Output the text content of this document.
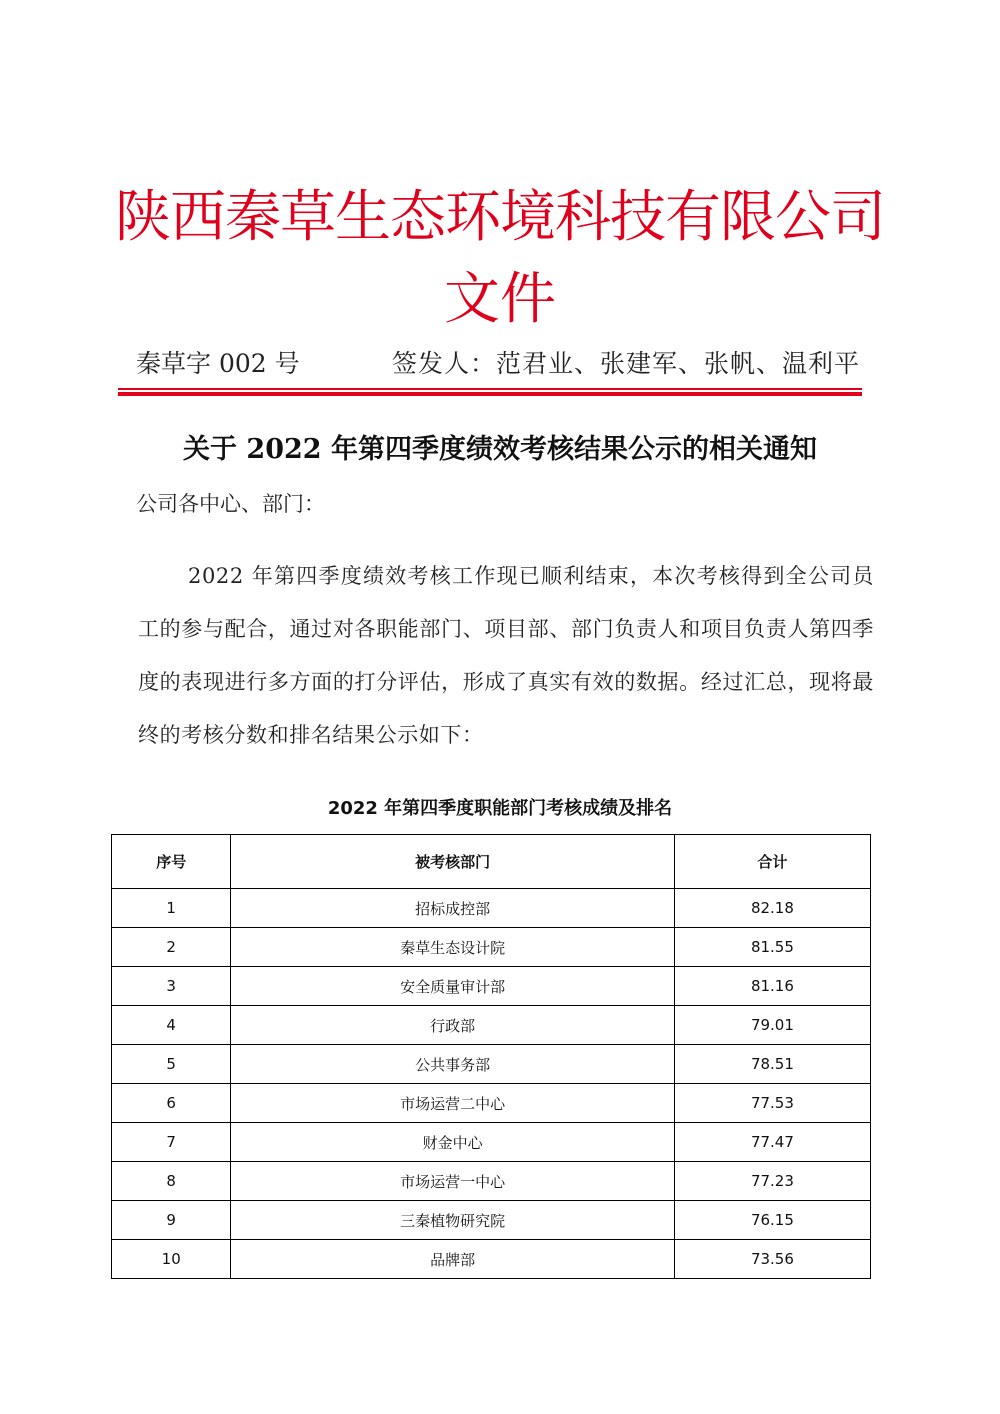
陕西秦草生态环境科技有限公司
文件
秦草字 002 号	签发人：范君业、张建军、张帆、温利平
关于 2022 年第四季度绩效考核结果公示的相关通知
公司各中心、部门：
2022 年第四季度绩效考核工作现已顺利结束，本次考核得到全公司员工的参与配合，通过对各职能部门、项目部、部门负责人和项目负责人第四季度的表现进行多方面的打分评估，形成了真实有效的数据。经过汇总，现将最终的考核分数和排名结果公示如下：
2022 年第四季度职能部门考核成绩及排名
序号	被考核部门	合计
1	招标成控部	82.18
2	秦草生态设计院	81.55
3	安全质量审计部	81.16
4	行政部	79.01
5	公共事务部	78.51
6	市场运营二中心	77.53
7	财金中心	77.47
8	市场运营一中心	77.23
9	三秦植物研究院	76.15
10	品牌部	73.56
